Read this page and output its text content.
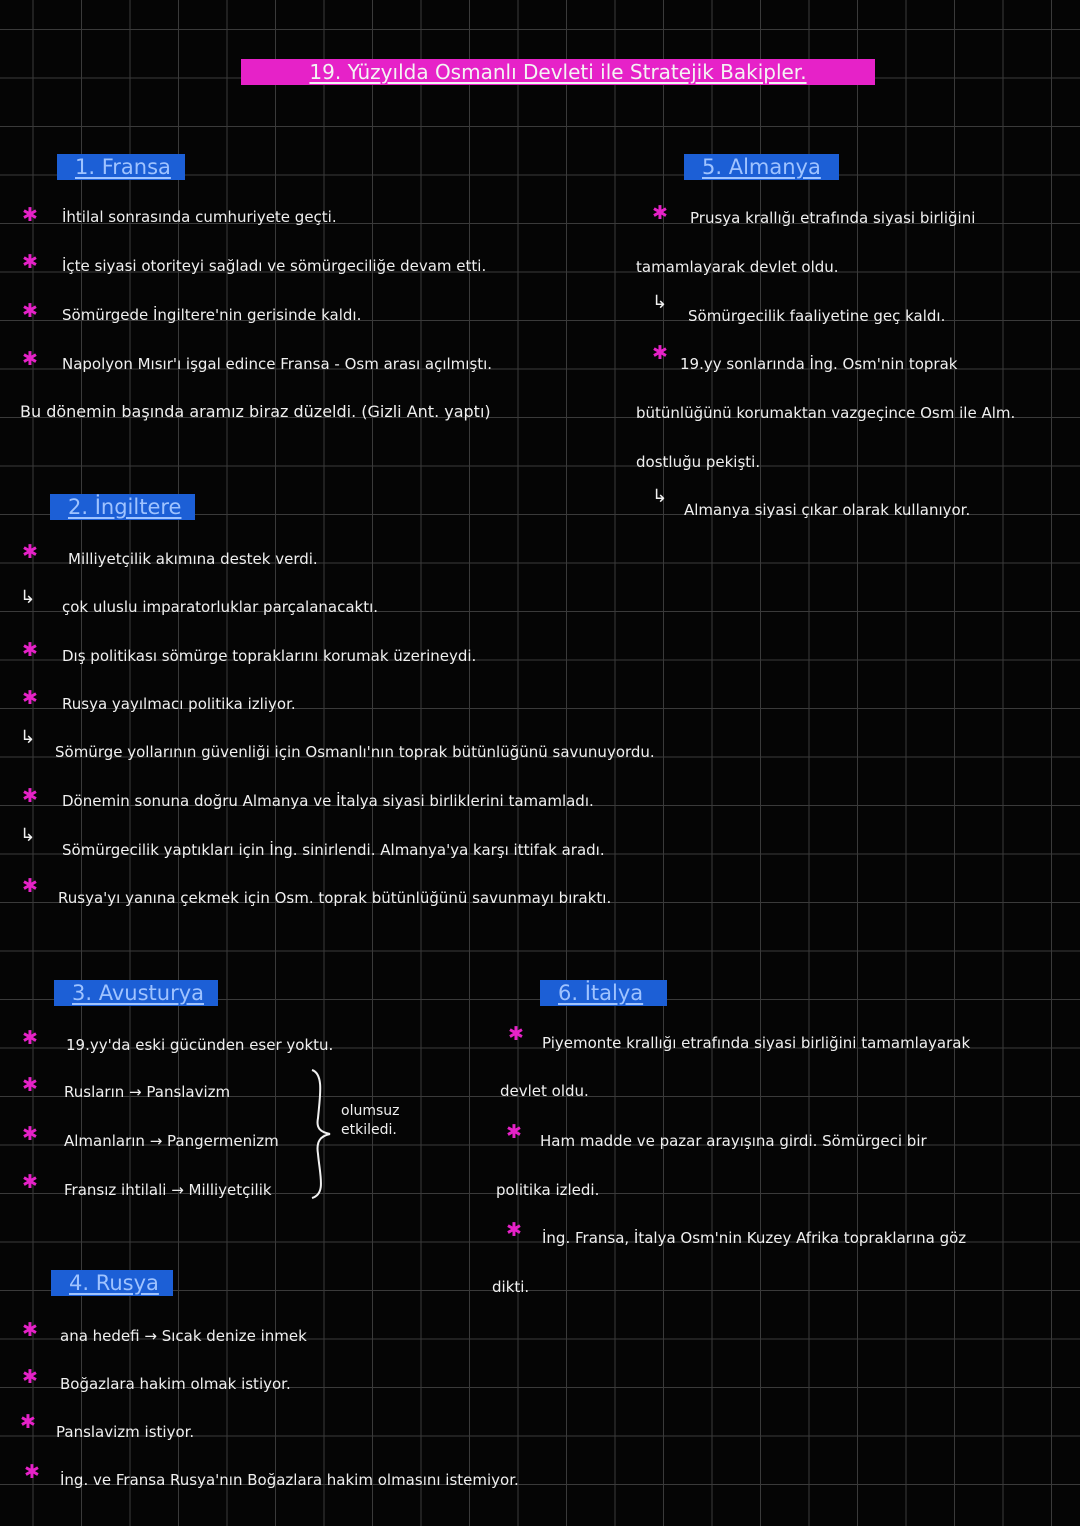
19. Yüzyılda Osmanlı Devleti ile Stratejik Bakipler.
1. Fransa
✱ İhtilal sonrasında cumhuriyete geçti.
✱ İçte siyasi otoriteyi sağladı ve sömürgeciliğe devam etti.
✱ Sömürgede İngiltere'nin gerisinde kaldı.
✱ Napolyon Mısır'ı işgal edince Fransa - Osm arası açılmıştı.
Bu dönemin başında aramız biraz düzeldi. (Gizli Ant. yaptı)
2. İngiltere
✱ Milliyetçilik akımına destek verdi.
↳ çok uluslu imparatorluklar parçalanacaktı.
✱ Dış politikası sömürge topraklarını korumak üzerineydi.
✱ Rusya yayılmacı politika izliyor.
↳
Sömürge yollarının güvenliği için Osmanlı'nın toprak bütünlüğünü savunuyordu.
✱ Dönemin sonuna doğru Almanya ve İtalya siyasi birliklerini tamamladı.
↳
Sömürgecilik yaptıkları için İng. sinirlendi. Almanya'ya karşı ittifak aradı.
✱
Rusya'yı yanına çekmek için Osm. toprak bütünlüğünü savunmayı bıraktı.
3. Avusturya
✱ 19.yy'da eski gücünden eser yoktu.
✱ Rusların → Panslavizm
✱ Almanların → Pangermenizm
✱ Fransız ihtilali → Milliyetçilik
olumsuz etkiledi.
4. Rusya
✱ ana hedefi → Sıcak denize inmek
✱ Boğazlara hakim olmak istiyor.
✱ Panslavizm istiyor.
✱ İng. ve Fransa Rusya'nın Boğazlara hakim olmasını istemiyor.
5. Almanya
✱ Prusya krallığı etrafında siyasi birliğini
tamamlayarak devlet oldu.
↳
Sömürgecilik faaliyetine geç kaldı.
✱ 19.yy sonlarında İng. Osm'nin toprak
bütünlüğünü korumaktan vazgeçince Osm ile Alm.
dostluğu pekişti.
↳
Almanya siyasi çıkar olarak kullanıyor.
6. İtalya
✱ Piyemonte krallığı etrafında siyasi birliğini tamamlayarak
devlet oldu.
✱ Ham madde ve pazar arayışına girdi. Sömürgeci bir
politika izledi.
✱ İng. Fransa, İtalya Osm'nin Kuzey Afrika topraklarına göz
dikti.
